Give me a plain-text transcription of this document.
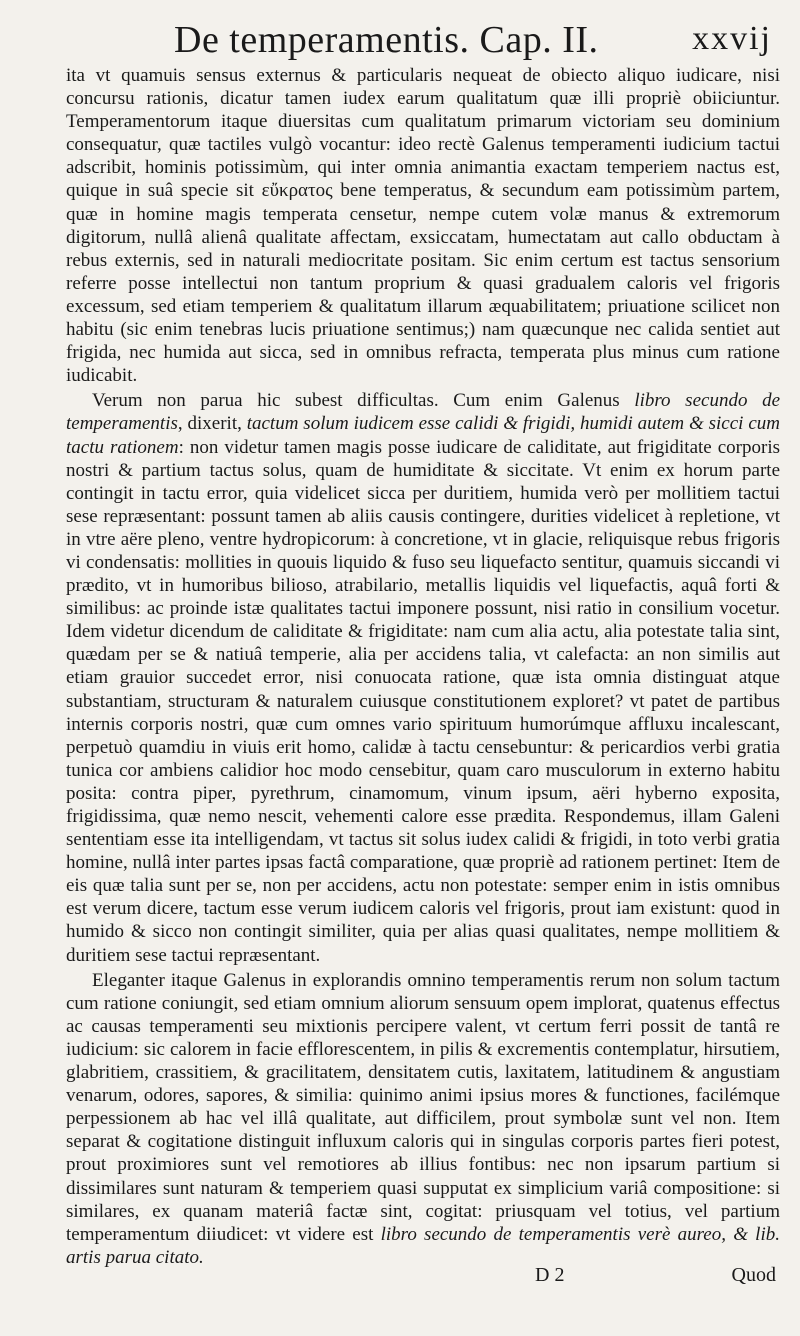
De temperamentis. Cap. II.	xxvij

ita vt quamuis sensus externus & particularis nequeat de obiecto aliquo iudicare, nisi concursu rationis, dicatur tamen iudex earum qualitatum quæ illi propriè obiiciuntur. Temperamentorum itaque diuersitas cum qualitatum primarum victoriam seu dominium consequatur, quæ tactiles vulgò vocantur: ideo rectè Galenus temperamenti iudicium tactui adscribit, hominis potissimùm, qui inter omnia animantia exactam temperiem nactus est, quique in suâ specie sit εὔκρατος bene temperatus, & secundum eam potissimùm partem, quæ in homine magis temperata censetur, nempe cutem volæ manus & extremorum digitorum, nullâ alienâ qualitate affectam, exsiccatam, humectatam aut callo obductam à rebus externis, sed in naturali mediocritate positam. Sic enim certum est tactus sensorium referre posse intellectui non tantum proprium & quasi gradualem caloris vel frigoris excessum, sed etiam temperiem & qualitatum illarum æquabilitatem; priuatione scilicet non habitu (sic enim tenebras lucis priuatione sentimus;) nam quæcunque nec calida sentiet aut frigida, nec humida aut sicca, sed in omnibus refracta, temperata plus minus cum ratione iudicabit.

Verum non parua hic subest difficultas. Cum enim Galenus libro secundo de temperamentis, dixerit, tactum solum iudicem esse calidi & frigidi, humidi autem & sicci cum tactu rationem: non videtur tamen magis posse iudicare de caliditate, aut frigiditate corporis nostri & partium tactus solus, quam de humiditate & siccitate. Vt enim ex horum parte contingit in tactu error, quia videlicet sicca per duritiem, humida verò per mollitiem tactui sese repræsentant: possunt tamen ab aliis causis contingere, durities videlicet à repletione, vt in vtre aëre pleno, ventre hydropicorum: à concretione, vt in glacie, reliquisque rebus frigoris vi condensatis: mollities in quouis liquido & fuso seu liquefacto sentitur, quamuis siccandi vi prædito, vt in humoribus bilioso, atrabilario, metallis liquidis vel liquefactis, aquâ forti & similibus: ac proinde istæ qualitates tactui imponere possunt, nisi ratio in consilium vocetur. Idem videtur dicendum de caliditate & frigiditate: nam cum alia actu, alia potestate talia sint, quædam per se & natiuâ temperie, alia per accidens talia, vt calefacta: an non similis aut etiam grauior succedet error, nisi conuocata ratione, quæ ista omnia distinguat atque substantiam, structuram & naturalem cuiusque constitutionem exploret? vt patet de partibus internis corporis nostri, quæ cum omnes vario spirituum humorúmque affluxu incalescant, perpetuò quamdiu in viuis erit homo, calidæ à tactu censebuntur: & pericardios verbi gratia tunica cor ambiens calidior hoc modo censebitur, quam caro musculorum in externo habitu posita: contra piper, pyrethrum, cinamomum, vinum ipsum, aëri hyberno exposita, frigidissima, quæ nemo nescit, vehementi calore esse prædita. Respondemus, illam Galeni sententiam esse ita intelligendam, vt tactus sit solus iudex calidi & frigidi, in toto verbi gratia homine, nullâ inter partes ipsas factâ comparatione, quæ propriè ad rationem pertinet: Item de eis quæ talia sunt per se, non per accidens, actu non potestate: semper enim in istis omnibus est verum dicere, tactum esse verum iudicem caloris vel frigoris, prout iam existunt: quod in humido & sicco non contingit similiter, quia per alias quasi qualitates, nempe mollitiem & duritiem sese tactui repræsentant.

Eleganter itaque Galenus in explorandis omnino temperamentis rerum non solum tactum cum ratione coniungit, sed etiam omnium aliorum sensuum opem implorat, quatenus effectus ac causas temperamenti seu mixtionis percipere valent, vt certum ferri possit de tantâ re iudicium: sic calorem in facie efflorescentem, in pilis & excrementis contemplatur, hirsutiem, glabritiem, crassitiem, & gracilitatem, densitatem cutis, laxitatem, latitudinem & angustiam venarum, odores, sapores, & similia: quinimo animi ipsius mores & functiones, facilémque perpessionem ab hac vel illâ qualitate, aut difficilem, prout symbolæ sunt vel non. Item separat & cogitatione distinguit influxum caloris qui in singulas corporis partes fieri potest, prout proximiores sunt vel remotiores ab illius fontibus: nec non ipsarum partium si dissimilares sunt naturam & temperiem quasi supputat ex simplicium variâ compositione: si similares, ex quanam materiâ factæ sint, cogitat: priusquam vel totius, vel partium temperamentum diiudicet: vt videre est libro secundo de temperamentis verè aureo, & lib. artis parua citato.

D 2	Quod
